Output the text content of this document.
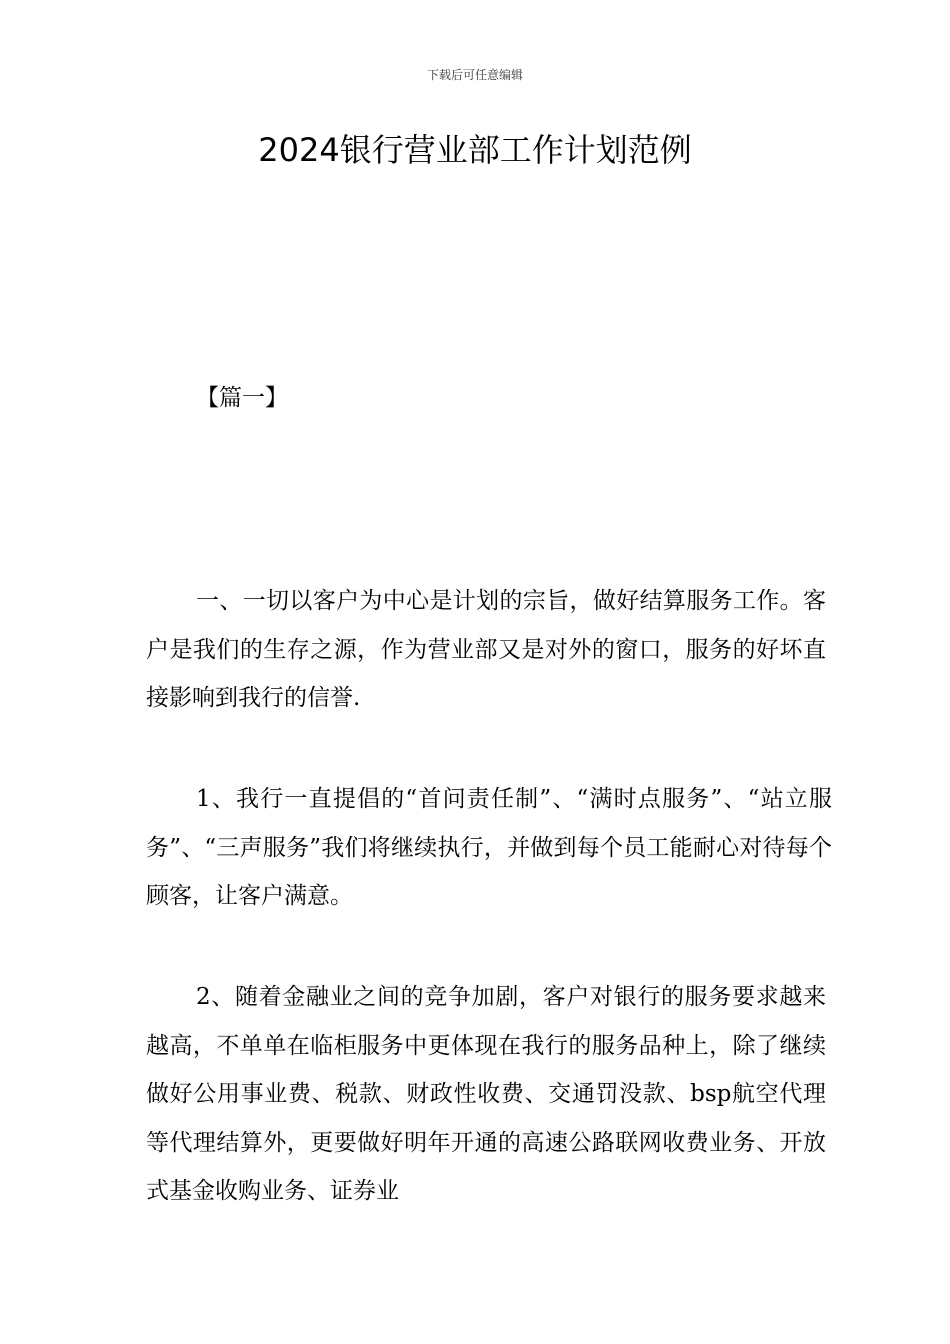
下载后可任意编辑
2024银行营业部工作计划范例
【篇一】

一、一切以客户为中心是计划的宗旨，做好结算服务工作。客户是我们的生存之源，作为营业部又是对外的窗口，服务的好坏直接影响到我行的信誉.

1、我行一直提倡的“首问责任制”、“满时点服务”、“站立服务”、“三声服务”我们将继续执行，并做到每个员工能耐心对待每个顾客，让客户满意。

2、随着金融业之间的竞争加剧，客户对银行的服务要求越来越高，不单单在临柜服务中更体现在我行的服务品种上，除了继续做好公用事业费、税款、财政性收费、交通罚没款、bsp航空代理等代理结算外，更要做好明年开通的高速公路联网收费业务、开放式基金收购业务、证券业
